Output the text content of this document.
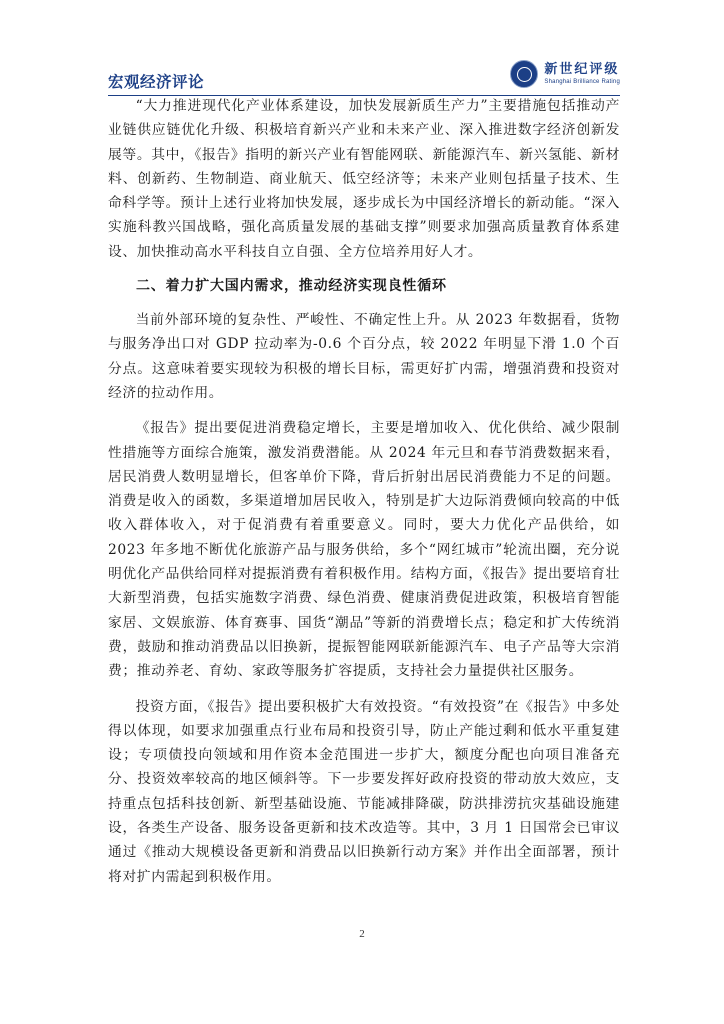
宏观经济评论
新世纪评级
Shanghai Brilliance Rating

“大力推进现代化产业体系建设，加快发展新质生产力”主要措施包括推动产业链供应链优化升级、积极培育新兴产业和未来产业、深入推进数字经济创新发展等。其中，《报告》指明的新兴产业有智能网联、新能源汽车、新兴氢能、新材料、创新药、生物制造、商业航天、低空经济等；未来产业则包括量子技术、生命科学等。预计上述行业将加快发展，逐步成长为中国经济增长的新动能。“深入实施科教兴国战略，强化高质量发展的基础支撑”则要求加强高质量教育体系建设、加快推动高水平科技自立自强、全方位培养用好人才。

二、着力扩大国内需求，推动经济实现良性循环

当前外部环境的复杂性、严峻性、不确定性上升。从 2023 年数据看，货物与服务净出口对 GDP 拉动率为-0.6 个百分点，较 2022 年明显下滑 1.0 个百分点。这意味着要实现较为积极的增长目标，需更好扩内需，增强消费和投资对经济的拉动作用。

《报告》提出要促进消费稳定增长，主要是增加收入、优化供给、减少限制性措施等方面综合施策，激发消费潜能。从 2024 年元旦和春节消费数据来看，居民消费人数明显增长，但客单价下降，背后折射出居民消费能力不足的问题。消费是收入的函数，多渠道增加居民收入，特别是扩大边际消费倾向较高的中低收入群体收入，对于促消费有着重要意义。同时，要大力优化产品供给，如 2023 年多地不断优化旅游产品与服务供给，多个“网红城市”轮流出圈，充分说明优化产品供给同样对提振消费有着积极作用。结构方面，《报告》提出要培育壮大新型消费，包括实施数字消费、绿色消费、健康消费促进政策，积极培育智能家居、文娱旅游、体育赛事、国货“潮品”等新的消费增长点；稳定和扩大传统消费，鼓励和推动消费品以旧换新，提振智能网联新能源汽车、电子产品等大宗消费；推动养老、育幼、家政等服务扩容提质，支持社会力量提供社区服务。

投资方面，《报告》提出要积极扩大有效投资。“有效投资”在《报告》中多处得以体现，如要求加强重点行业布局和投资引导，防止产能过剩和低水平重复建设；专项债投向领域和用作资本金范围进一步扩大，额度分配也向项目准备充分、投资效率较高的地区倾斜等。下一步要发挥好政府投资的带动放大效应，支持重点包括科技创新、新型基础设施、节能减排降碳，防洪排涝抗灾基础设施建设，各类生产设备、服务设备更新和技术改造等。其中，3 月 1 日国常会已审议通过《推动大规模设备更新和消费品以旧换新行动方案》并作出全面部署，预计将对扩内需起到积极作用。

2
